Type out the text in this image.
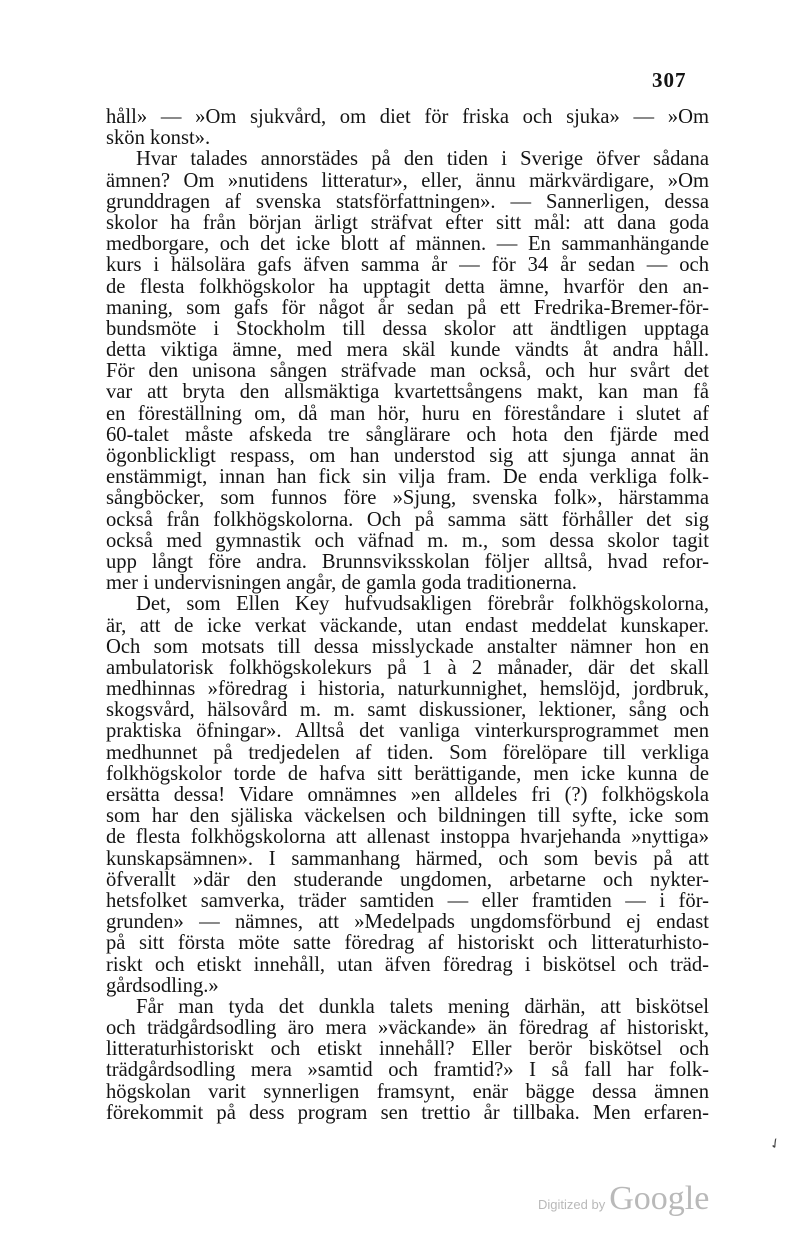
307
håll» — »Om sjukvård, om diet för friska och sjuka» — »Om
skön konst».
Hvar talades annorstädes på den tiden i Sverige öfver sådana
ämnen? Om »nutidens litteratur», eller, ännu märkvärdigare, »Om
grunddragen af svenska statsförfattningen». — Sannerligen, dessa
skolor ha från början ärligt sträfvat efter sitt mål: att dana goda
medborgare, och det icke blott af männen. — En sammanhängande
kurs i hälsolära gafs äfven samma år — för 34 år sedan — och
de flesta folkhögskolor ha upptagit detta ämne, hvarför den an-
maning, som gafs för något år sedan på ett Fredrika-Bremer-för-
bundsmöte i Stockholm till dessa skolor att ändtligen upptaga
detta viktiga ämne, med mera skäl kunde vändts åt andra håll.
För den unisona sången sträfvade man också, och hur svårt det
var att bryta den allsmäktiga kvartettsångens makt, kan man få
en föreställning om, då man hör, huru en föreståndare i slutet af
60-talet måste afskeda tre sånglärare och hota den fjärde med
ögonblickligt respass, om han understod sig att sjunga annat än
enstämmigt, innan han fick sin vilja fram. De enda verkliga folk-
sångböcker, som funnos före »Sjung, svenska folk», härstamma
också från folkhögskolorna. Och på samma sätt förhåller det sig
också med gymnastik och väfnad m. m., som dessa skolor tagit
upp långt före andra. Brunnsviksskolan följer alltså, hvad refor-
mer i undervisningen angår, de gamla goda traditionerna.
Det, som Ellen Key hufvudsakligen förebrår folkhögskolorna,
är, att de icke verkat väckande, utan endast meddelat kunskaper.
Och som motsats till dessa misslyckade anstalter nämner hon en
ambulatorisk folkhögskolekurs på 1 à 2 månader, där det skall
medhinnas »föredrag i historia, naturkunnighet, hemslöjd, jordbruk,
skogsvård, hälsovård m. m. samt diskussioner, lektioner, sång och
praktiska öfningar». Alltså det vanliga vinterkursprogrammet men
medhunnet på tredjedelen af tiden. Som förelöpare till verkliga
folkhögskolor torde de hafva sitt berättigande, men icke kunna de
ersätta dessa! Vidare omnämnes »en alldeles fri (?) folkhögskola
som har den själiska väckelsen och bildningen till syfte, icke som
de flesta folkhögskolorna att allenast instoppa hvarjehanda »nyttiga»
kunskapsämnen». I sammanhang härmed, och som bevis på att
öfverallt »där den studerande ungdomen, arbetarne och nykter-
hetsfolket samverka, träder samtiden — eller framtiden — i för-
grunden» — nämnes, att »Medelpads ungdomsförbund ej endast
på sitt första möte satte föredrag af historiskt och litteraturhisto-
riskt och etiskt innehåll, utan äfven föredrag i biskötsel och träd-
gårdsodling.»
Får man tyda det dunkla talets mening därhän, att biskötsel
och trädgårdsodling äro mera »väckande» än föredrag af historiskt,
litteraturhistoriskt och etiskt innehåll? Eller berör biskötsel och
trädgårdsodling mera »samtid och framtid?» I så fall har folk-
högskolan varit synnerligen framsynt, enär bägge dessa ämnen
förekommit på dess program sen trettio år tillbaka. Men erfaren-
✓
Digitized by Google
